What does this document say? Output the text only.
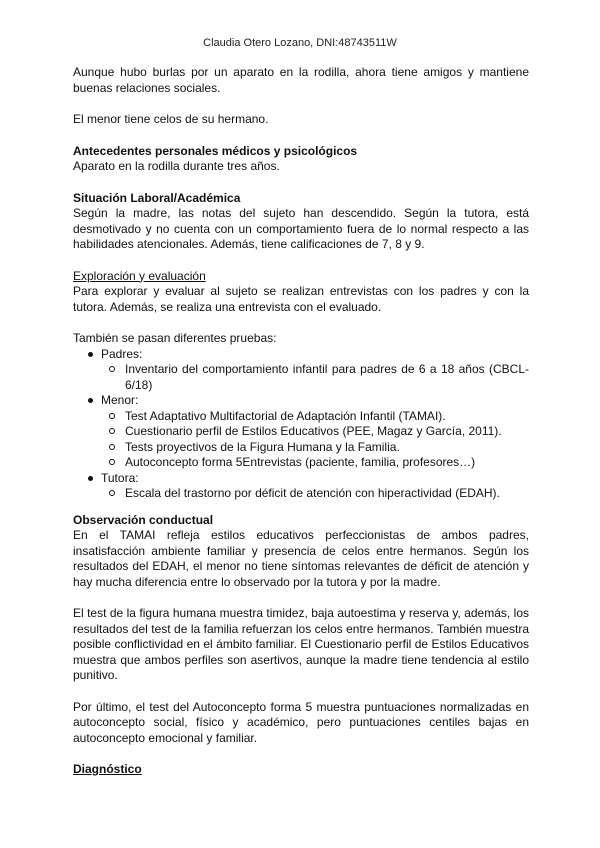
Claudia Otero Lozano, DNI:48743511W

Aunque hubo burlas por un aparato en la rodilla, ahora tiene amigos y mantiene buenas relaciones sociales.

El menor tiene celos de su hermano.

Antecedentes personales médicos y psicológicos

Aparato en la rodilla durante tres años.

Situación Laboral/Académica

Según la madre, las notas del sujeto han descendido. Según la tutora, está desmotivado y no cuenta con un comportamiento fuera de lo normal respecto a las habilidades atencionales. Además, tiene calificaciones de 7, 8 y 9.

Exploración y evaluación

Para explorar y evaluar al sujeto se realizan entrevistas con los padres y con la tutora. Además, se realiza una entrevista con el evaluado.

También se pasan diferentes pruebas:

Padres:
Inventario del comportamiento infantil para padres de 6 a 18 años (CBCL-6/18)
Menor:
Test Adaptativo Multifactorial de Adaptación Infantil (TAMAI).
Cuestionario perfil de Estilos Educativos (PEE, Magaz y García, 2011).
Tests proyectivos de la Figura Humana y la Familia.
Autoconcepto forma 5Entrevistas (paciente, familia, profesores…)
Tutora:
Escala del trastorno por déficit de atención con hiperactividad (EDAH).
Observación conductual

En el TAMAI refleja estilos educativos perfeccionistas de ambos padres, insatisfacción ambiente familiar y presencia de celos entre hermanos. Según los resultados del EDAH, el menor no tiene síntomas relevantes de déficit de atención y hay mucha diferencia entre lo observado por la tutora y por la madre.

El test de la figura humana muestra timidez, baja autoestima y reserva y, además, los resultados del test de la familia refuerzan los celos entre hermanos. También muestra posible conflictividad en el ámbito familiar. El Cuestionario perfil de Estilos Educativos muestra que ambos perfiles son asertivos, aunque la madre tiene tendencia al estilo punitivo.

Por último, el test del Autoconcepto forma 5 muestra puntuaciones normalizadas en autoconcepto social, físico y académico, pero puntuaciones centiles bajas en autoconcepto emocional y familiar.

Diagnóstico
